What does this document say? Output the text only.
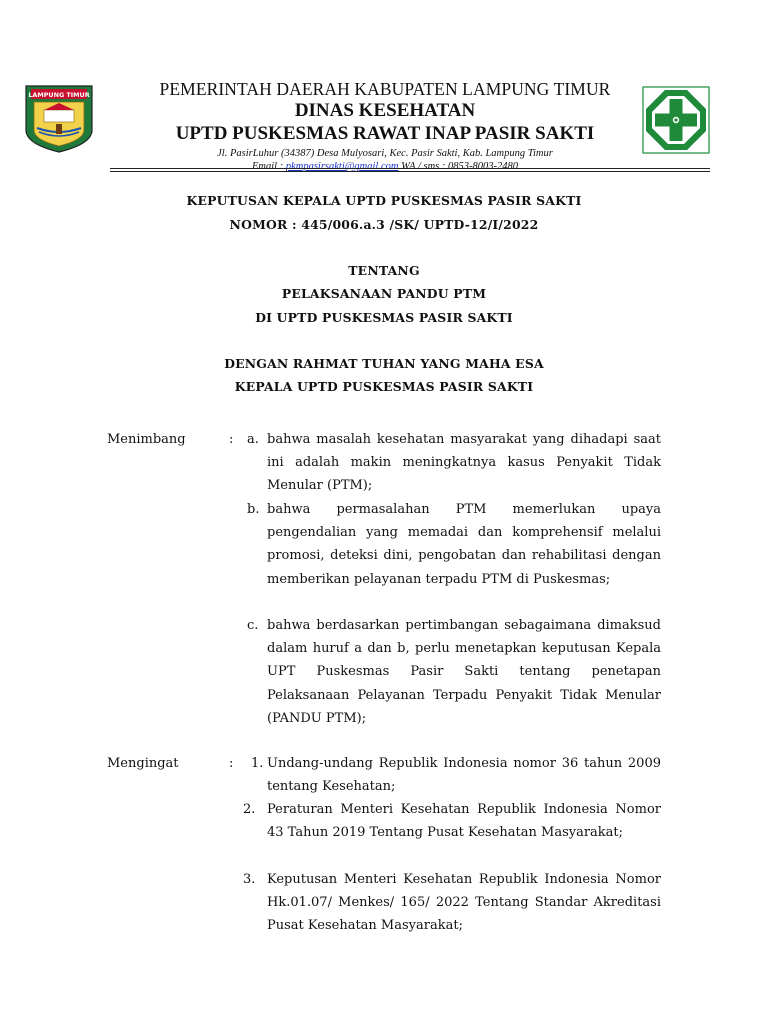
LAMPUNG TIMUR	PEMERINTAH DAERAH KABUPATEN LAMPUNG TIMUR
DINAS KESEHATAN
UPTD PUSKESMAS RAWAT INAP PASIR SAKTI
Jl. PasirLuhur (34387) Desa Mulyosari, Kec. Pasir Sakti, Kab. Lampung Timur
Email : pkmpasirsakti@gmail.com WA / sms : 0853-8003-2480
KEPUTUSAN KEPALA UPTD PUSKESMAS PASIR SAKTI
NOMOR : 445/006.a.3 /SK/ UPTD-12/I/2022
TENTANG
PELAKSANAAN PANDU PTM
DI UPTD PUSKESMAS PASIR SAKTI
DENGAN RAHMAT TUHAN YANG MAHA ESA
KEPALA UPTD PUSKESMAS PASIR SAKTI
Menimbang	: a. bahwa masalah kesehatan masyarakat yang dihadapi saat ini adalah makin meningkatnya kasus Penyakit Tidak Menular (PTM);
b. bahwa permasalahan PTM memerlukan upaya pengendalian yang memadai dan komprehensif melalui promosi, deteksi dini, pengobatan dan rehabilitasi dengan memberikan pelayanan terpadu PTM di Puskesmas;
c. bahwa berdasarkan pertimbangan sebagaimana dimaksud dalam huruf a dan b, perlu menetapkan keputusan Kepala UPT Puskesmas Pasir Sakti tentang penetapan Pelaksanaan Pelayanan Terpadu Penyakit Tidak Menular (PANDU PTM);
Mengingat	: 1. Undang-undang Republik Indonesia nomor 36 tahun 2009 tentang Kesehatan;
2. Peraturan Menteri Kesehatan Republik Indonesia Nomor 43 Tahun 2019 Tentang Pusat Kesehatan Masyarakat;
3. Keputusan Menteri Kesehatan Republik Indonesia Nomor Hk.01.07/ Menkes/ 165/ 2022 Tentang Standar Akreditasi Pusat Kesehatan Masyarakat;
